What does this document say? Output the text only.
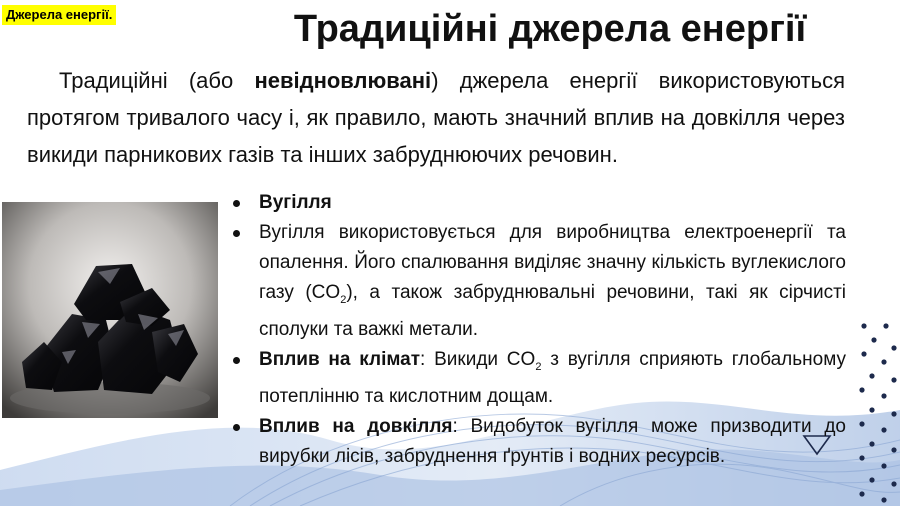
Джерела енергії.	Традиційні джерела енергії

Традиційні (або невідновлювані) джерела енергії використовуються протягом тривалого часу і, як правило, мають значний вплив на довкілля через викиди парникових газів та інших забруднюючих речовин.

Вугілля
Вугілля використовується для виробництва електроенергії та опалення. Його спалювання виділяє значну кількість вуглекислого газу $(CO_2)$, а також забруднювальні речовини, такі як сірчисті сполуки та важкі метали.
Вплив на клімат: Викиди $CO_2$ з вугілля сприяють глобальному потеплінню та кислотним дощам.
Вплив на довкілля: Видобуток вугілля може призводити до вирубки лісів, забруднення ґрунтів і водних ресурсів.
